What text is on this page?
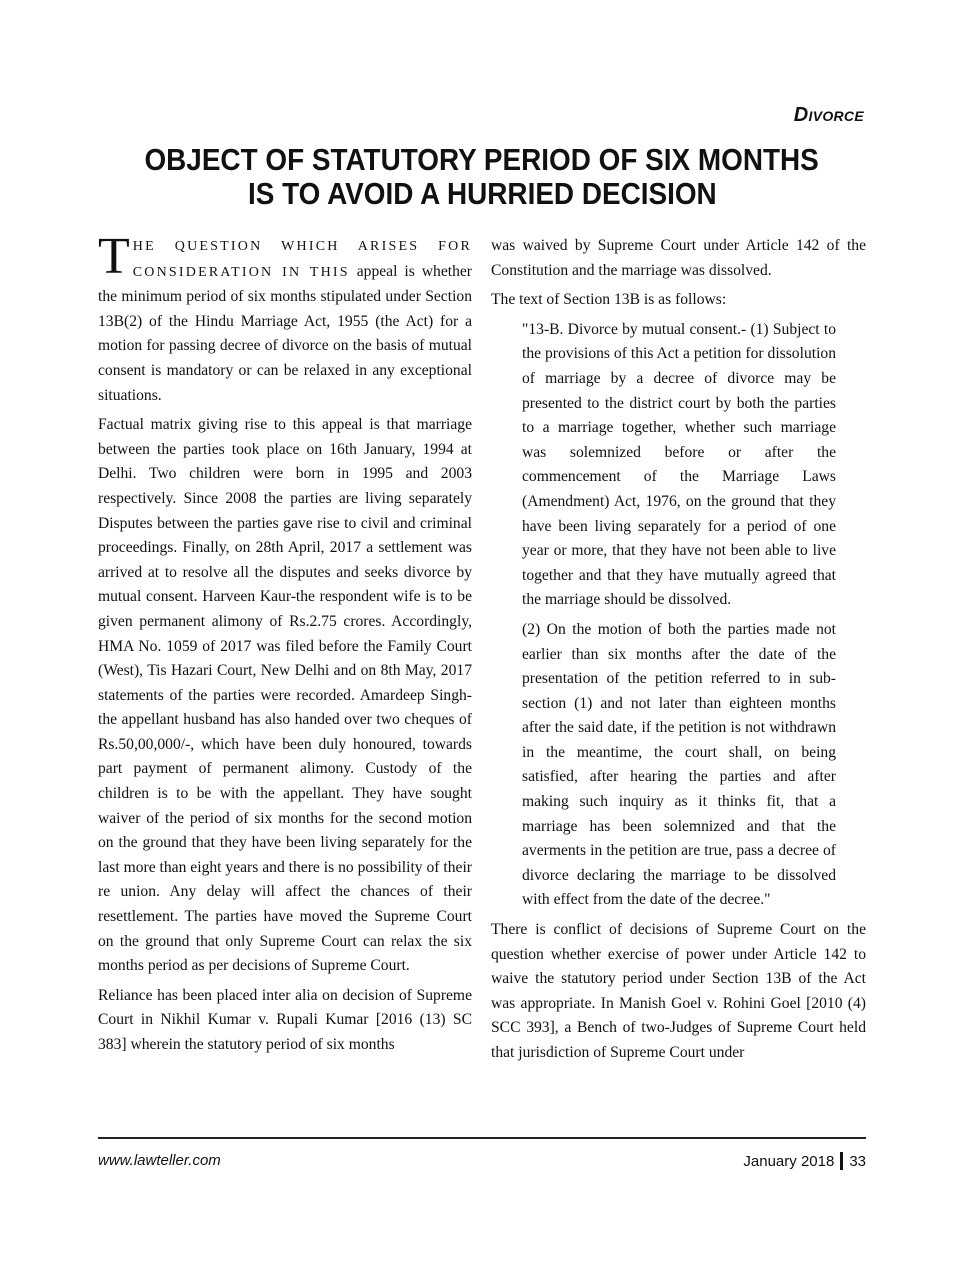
Divorce
OBJECT OF STATUTORY PERIOD OF SIX MONTHS
IS TO AVOID A HURRIED DECISION

THE QUESTION WHICH ARISES FOR CONSIDERATION IN THIS appeal is whether the minimum period of six months stipulated under Section 13B(2) of the Hindu Marriage Act, 1955 (the Act) for a motion for passing decree of divorce on the basis of mutual consent is mandatory or can be relaxed in any exceptional situations.

Factual matrix giving rise to this appeal is that marriage between the parties took place on 16th January, 1994 at Delhi. Two children were born in 1995 and 2003 respectively. Since 2008 the parties are living separately Disputes between the parties gave rise to civil and criminal proceedings. Finally, on 28th April, 2017 a settlement was arrived at to resolve all the disputes and seeks divorce by mutual consent. Harveen Kaur-the respondent wife is to be given permanent alimony of Rs.2.75 crores. Accordingly, HMA No. 1059 of 2017 was filed before the Family Court (West), Tis Hazari Court, New Delhi and on 8th May, 2017 statements of the parties were recorded. Amardeep Singh-the appellant husband has also handed over two cheques of Rs.50,00,000/-, which have been duly honoured, towards part payment of permanent alimony. Custody of the children is to be with the appellant. They have sought waiver of the period of six months for the second motion on the ground that they have been living separately for the last more than eight years and there is no possibility of their re union. Any delay will affect the chances of their resettlement. The parties have moved the Supreme Court on the ground that only Supreme Court can relax the six months period as per decisions of Supreme Court.

Reliance has been placed inter alia on decision of Supreme Court in Nikhil Kumar v. Rupali Kumar [2016 (13) SC 383] wherein the statutory period of six months

was waived by Supreme Court under Article 142 of the Constitution and the marriage was dissolved.

The text of Section 13B is as follows:

"13-B. Divorce by mutual consent.- (1) Subject to the provisions of this Act a petition for dissolution of marriage by a decree of divorce may be presented to the district court by both the parties to a marriage together, whether such marriage was solemnized before or after the commencement of the Marriage Laws (Amendment) Act, 1976, on the ground that they have been living separately for a period of one year or more, that they have not been able to live together and that they have mutually agreed that the marriage should be dissolved.

(2) On the motion of both the parties made not earlier than six months after the date of the presentation of the petition referred to in sub-section (1) and not later than eighteen months after the said date, if the petition is not withdrawn in the meantime, the court shall, on being satisfied, after hearing the parties and after making such inquiry as it thinks fit, that a marriage has been solemnized and that the averments in the petition are true, pass a decree of divorce declaring the marriage to be dissolved with effect from the date of the decree."

There is conflict of decisions of Supreme Court on the question whether exercise of power under Article 142 to waive the statutory period under Section 13B of the Act was appropriate. In Manish Goel v. Rohini Goel [2010 (4) SCC 393], a Bench of two-Judges of Supreme Court held that jurisdiction of Supreme Court under

www.lawteller.com	January 2018 33
